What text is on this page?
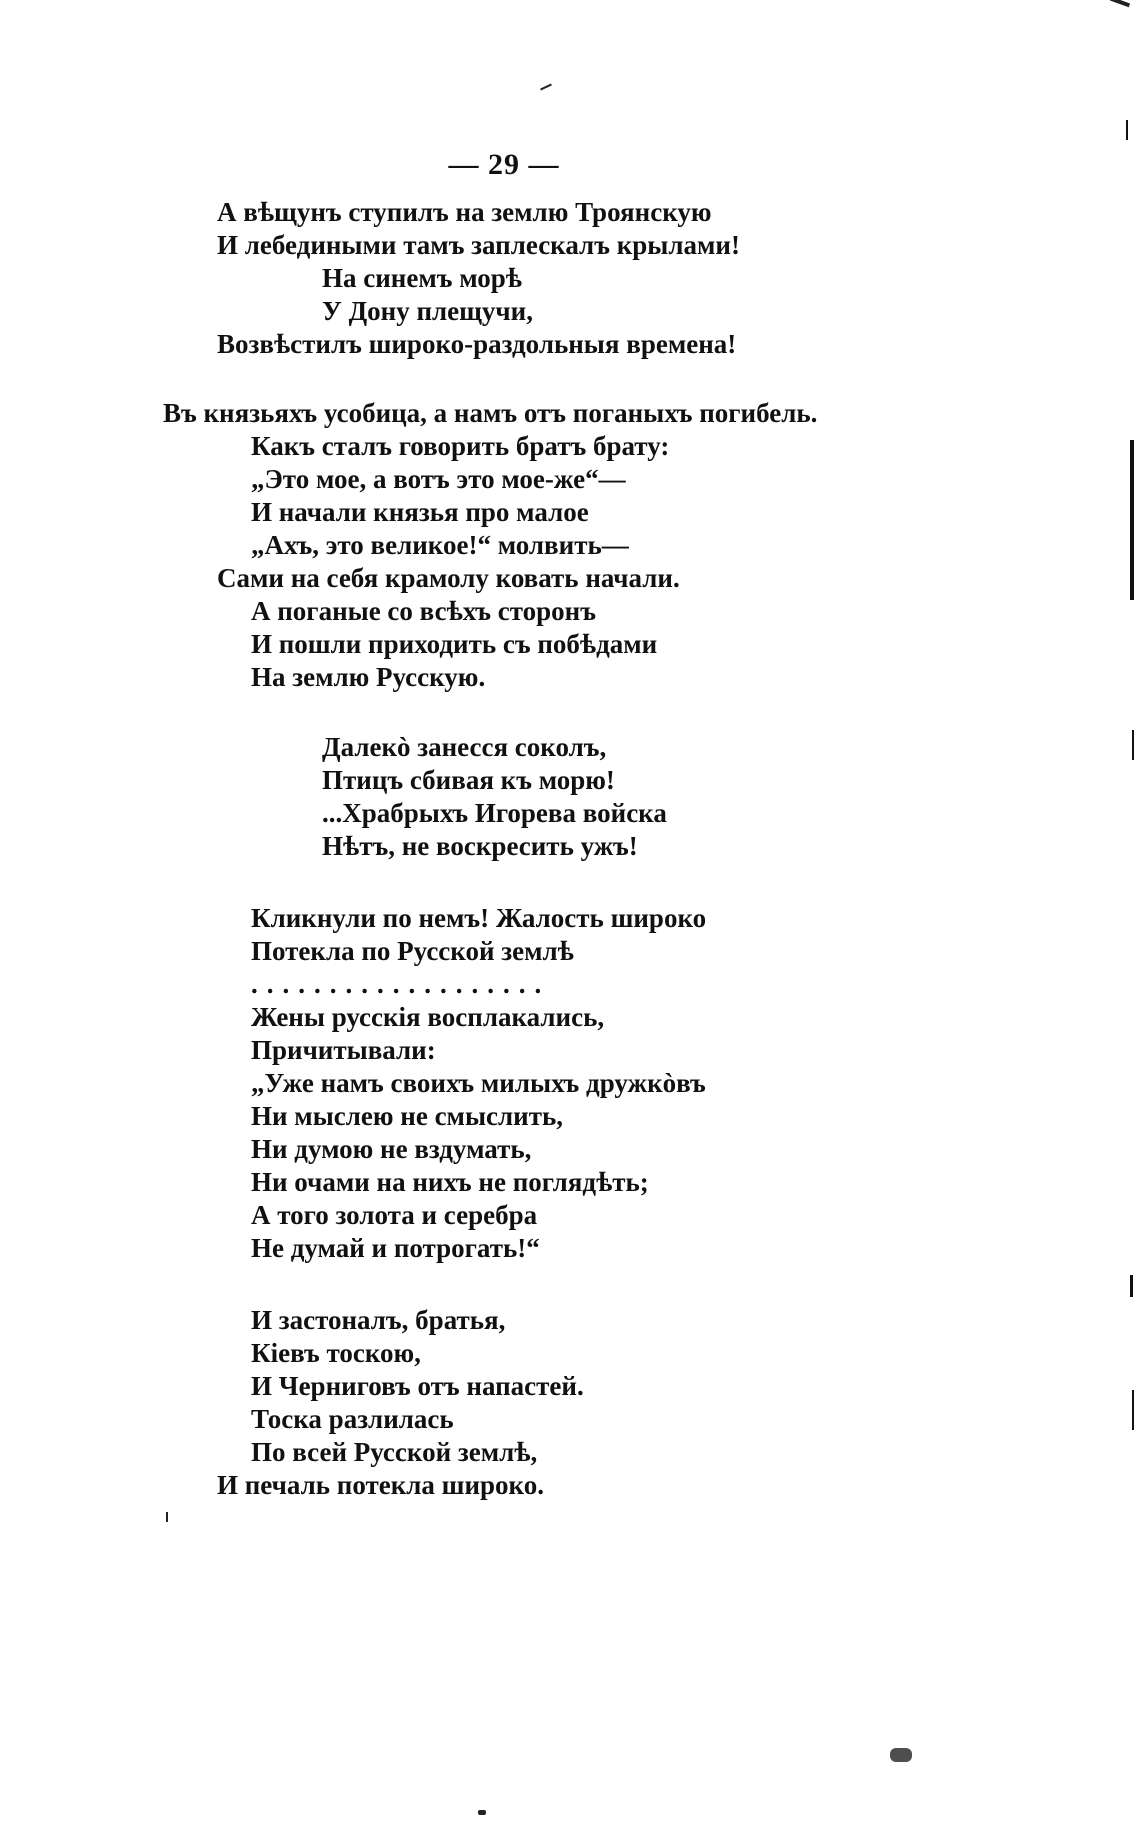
— 29 —
А вѣщунъ ступилъ на землю Троянскую
И лебедиными тамъ заплескалъ крылами!
На синемъ морѣ
У Дону плещучи,
Возвѣстилъ широко-раздольныя времена!
Въ князьяхъ усобица, а намъ отъ поганыхъ погибель.
Какъ сталъ говорить братъ брату:
„Это мое, а вотъ это мое-же“—
И начали князья про малое
„Ахъ, это великое!“ молвить—
Сами на себя крамолу ковать начали.
А поганые со всѣхъ сторонъ
И пошли приходить съ побѣдами
На землю Русскую.
Далекò занесся соколъ,
Птицъ сбивая къ морю!
...Храбрыхъ Игорева войска
Нѣтъ, не воскресить ужъ!
Кликнули по немъ! Жалость широко
Потекла по Русской землѣ
...................
Жены русскія восплакались,
Причитывали:
„Уже намъ своихъ милыхъ дружкòвъ
Ни мыслею не смыслить,
Ни думою не вздумать,
Ни очами на нихъ не поглядѣть;
А того золота и серебра
Не думай и потрогать!“
И застоналъ, братья,
Кіевъ тоскою,
И Черниговъ отъ напастей.
Тоска разлилась
По всей Русской землѣ,
И печаль потекла широко.
